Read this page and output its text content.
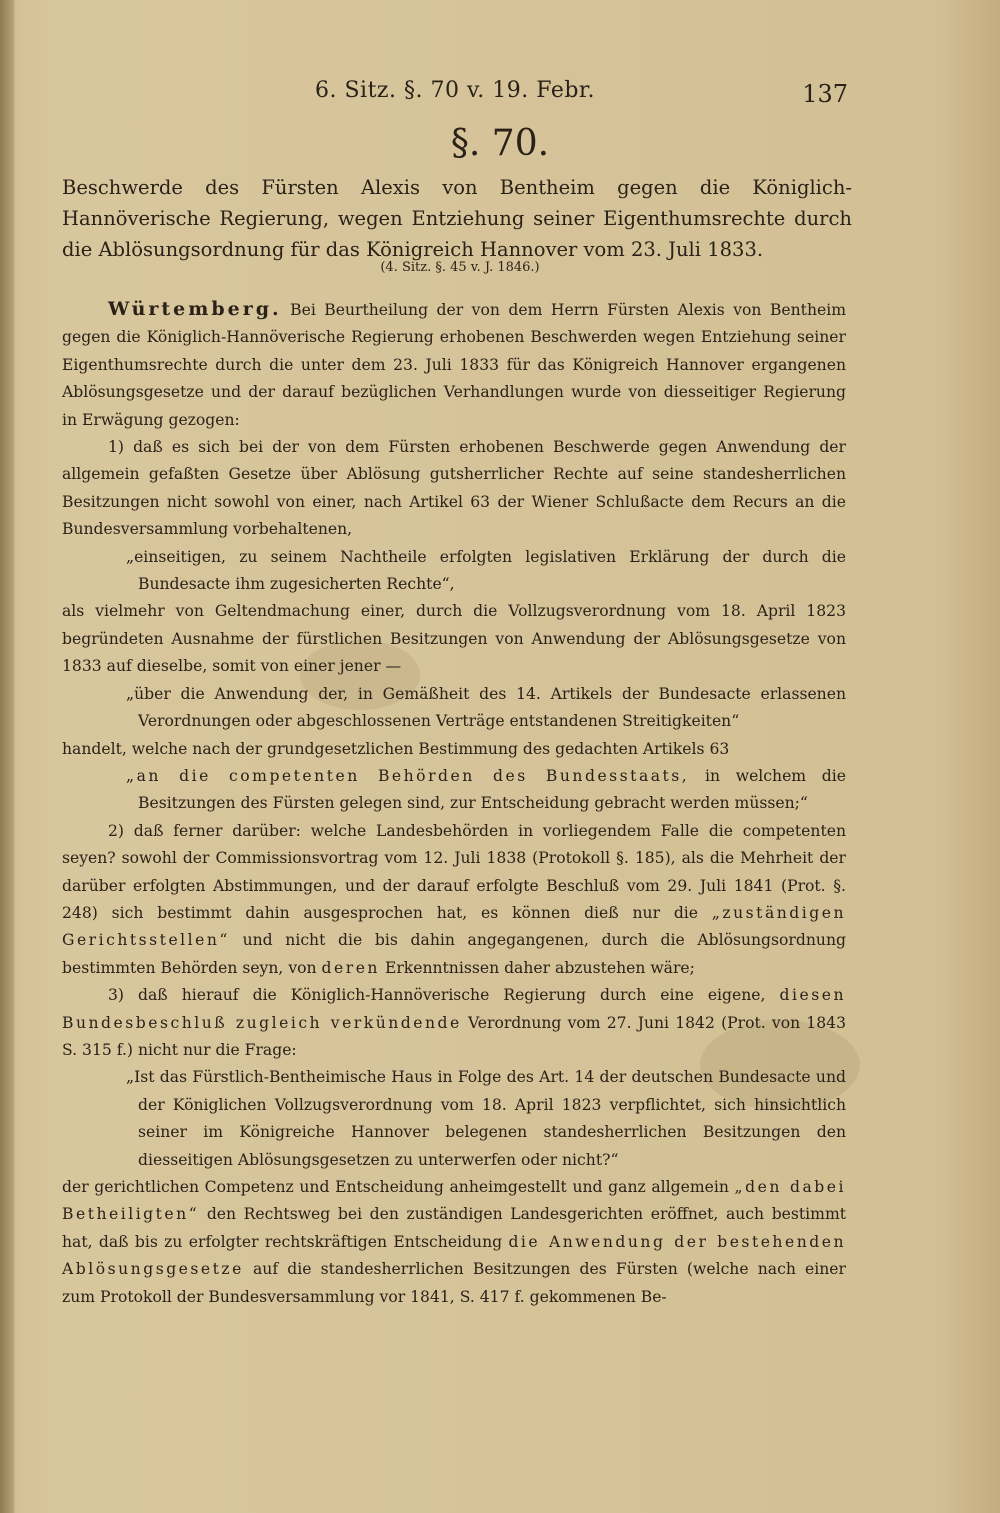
6. Sitz. §. 70 v. 19. Febr.	137
§. 70.
Beschwerde des Fürsten Alexis von Bentheim gegen die Königlich-Hannöverische Regierung, wegen Entziehung seiner Eigenthumsrechte durch die Ablösungsordnung für das Königreich Hannover vom 23. Juli 1833.
(4. Sitz. §. 45 v. J. 1846.)

Würtemberg. Bei Beurtheilung der von dem Herrn Fürsten Alexis von Bentheim gegen die Königlich-Hannöverische Regierung erhobenen Beschwerden wegen Entziehung seiner Eigenthumsrechte durch die unter dem 23. Juli 1833 für das Königreich Hannover ergangenen Ablösungsgesetze und der darauf bezüglichen Verhandlungen wurde von diesseitiger Regierung in Erwägung gezogen:

1) daß es sich bei der von dem Fürsten erhobenen Beschwerde gegen Anwendung der allgemein gefaßten Gesetze über Ablösung gutsherrlicher Rechte auf seine standesherrlichen Besitzungen nicht sowohl von einer, nach Artikel 63 der Wiener Schlußacte dem Recurs an die Bundesversammlung vorbehaltenen,

„einseitigen, zu seinem Nachtheile erfolgten legislativen Erklärung der durch die Bundesacte ihm zugesicherten Rechte“,

als vielmehr von Geltendmachung einer, durch die Vollzugsverordnung vom 18. April 1823 begründeten Ausnahme der fürstlichen Besitzungen von Anwendung der Ablösungsgesetze von 1833 auf dieselbe, somit von einer jener —

„über die Anwendung der, in Gemäßheit des 14. Artikels der Bundesacte erlassenen Verordnungen oder abgeschlossenen Verträge entstandenen Streitigkeiten“

handelt, welche nach der grundgesetzlichen Bestimmung des gedachten Artikels 63

„an die competenten Behörden des Bundesstaats, in welchem die Besitzungen des Fürsten gelegen sind, zur Entscheidung gebracht werden müssen;“

2) daß ferner darüber: welche Landesbehörden in vorliegendem Falle die competenten seyen? sowohl der Commissionsvortrag vom 12. Juli 1838 (Protokoll §. 185), als die Mehrheit der darüber erfolgten Abstimmungen, und der darauf erfolgte Beschluß vom 29. Juli 1841 (Prot. §. 248) sich bestimmt dahin ausgesprochen hat, es können dieß nur die „zuständigen Gerichtsstellen“ und nicht die bis dahin angegangenen, durch die Ablösungsordnung bestimmten Behörden seyn, von deren Erkenntnissen daher abzustehen wäre;

3) daß hierauf die Königlich-Hannöverische Regierung durch eine eigene, diesen Bundesbeschluß zugleich verkündende Verordnung vom 27. Juni 1842 (Prot. von 1843 S. 315 f.) nicht nur die Frage:

„Ist das Fürstlich-Bentheimische Haus in Folge des Art. 14 der deutschen Bundesacte und der Königlichen Vollzugsverordnung vom 18. April 1823 verpflichtet, sich hinsichtlich seiner im Königreiche Hannover belegenen standesherrlichen Besitzungen den diesseitigen Ablösungsgesetzen zu unterwerfen oder nicht?“

der gerichtlichen Competenz und Entscheidung anheimgestellt und ganz allgemein „den dabei Betheiligten“ den Rechtsweg bei den zuständigen Landesgerichten eröffnet, auch bestimmt hat, daß bis zu erfolgter rechtskräftigen Entscheidung die Anwendung der bestehenden Ablösungsgesetze auf die standesherrlichen Besitzungen des Fürsten (welche nach einer zum Protokoll der Bundesversammlung vor 1841, S. 417 f. gekommenen Be-
